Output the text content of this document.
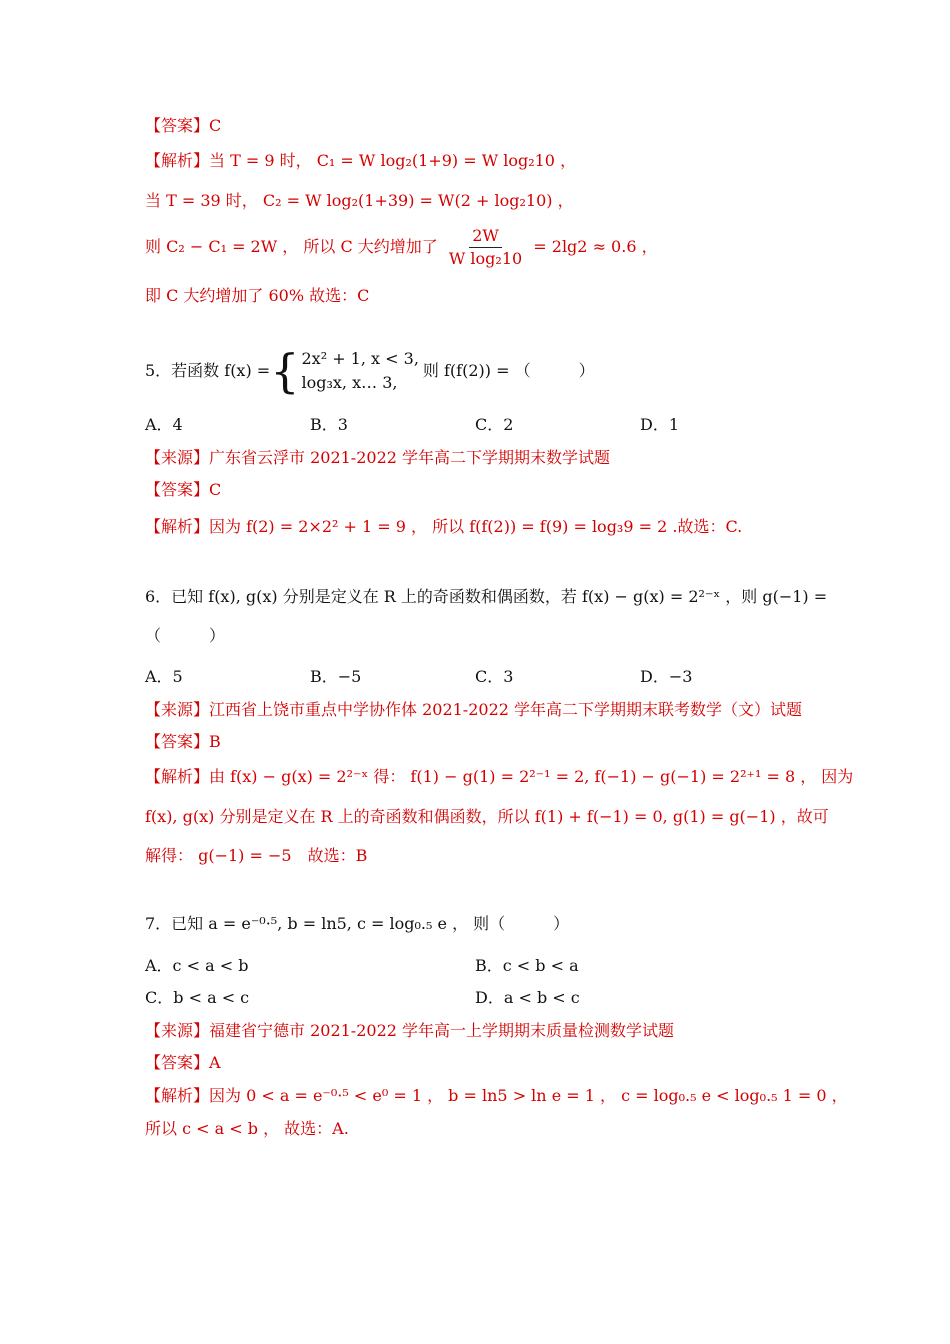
【答案】C
【解析】当 T = 9 时， C₁ = W log₂(1+9) = W log₂10 ，
当 T = 39 时， C₂ = W log₂(1+39) = W(2 + log₂10) ，
则 C₂ − C₁ = 2W ， 所以 C 大约增加了 $\frac{2W}{\text{W log₂10}} = 2\lg 2 \approx 0.6$ ，
即 C 大约增加了 60% 故选：C
5．若函数 f(x) = { 2x² + 1, x < 3,
log₃x, x… 3,
则 f(f(2)) = （　　　）
A．4	B．3	C．2	D．1
【来源】广东省云浮市 2021-2022 学年高二下学期期末数学试题
【答案】C
【解析】因为 f(2) = 2×2² + 1 = 9 ， 所以 f(f(2)) = f(9) = log₃9 = 2 .故选：C.
6．已知 f(x), g(x) 分别是定义在 R 上的奇函数和偶函数，若 f(x) − g(x) = 2²⁻ˣ ，则 g(−1) =
（　　　）
A．5	B．−5	C．3	D．−3
【来源】江西省上饶市重点中学协作体 2021-2022 学年高二下学期期末联考数学（文）试题
【答案】B
【解析】由 f(x) − g(x) = 2²⁻ˣ 得： f(1) − g(1) = 2²⁻¹ = 2, f(−1) − g(−1) = 2²⁺¹ = 8 ， 因为
f(x), g(x) 分别是定义在 R 上的奇函数和偶函数，所以 f(1) + f(−1) = 0, g(1) = g(−1) ，故可
解得： g(−1) = −5　故选：B
7．已知 a = e⁻⁰·⁵, b = ln5, c = log₀.₅ e ， 则（　　　）
A．c < a < b	B．c < b < a
C．b < a < c	D．a < b < c
【来源】福建省宁德市 2021-2022 学年高一上学期期末质量检测数学试题
【答案】A
【解析】因为 0 < a = e⁻⁰·⁵ < e⁰ = 1 ， b = ln5 > ln e = 1 ， c = log₀.₅ e < log₀.₅ 1 = 0 ，
所以 c < a < b ， 故选：A.
